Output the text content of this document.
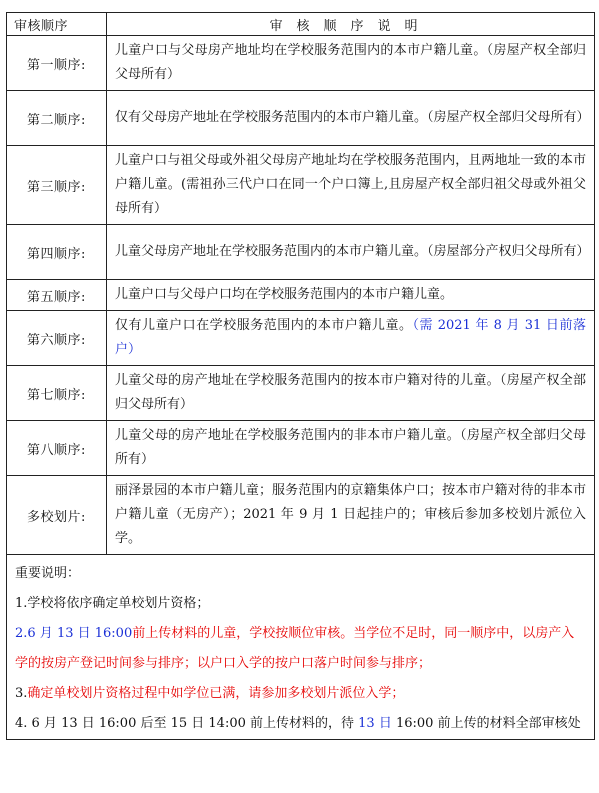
审核顺序	审核顺序说明
第一顺序:	儿童户口与父母房产地址均在学校服务范围内的本市户籍儿童。（房屋产权全部归父母所有）
第二顺序:	仅有父母房产地址在学校服务范围内的本市户籍儿童。（房屋产权全部归父母所有）
第三顺序:	儿童户口与祖父母或外祖父母房产地址均在学校服务范围内，且两地址一致的本市户籍儿童。(需祖孙三代户口在同一个户口簿上,且房屋产权全部归祖父母或外祖父母所有）
第四顺序:	儿童父母房产地址在学校服务范围内的本市户籍儿童。（房屋部分产权归父母所有）
第五顺序:	儿童户口与父母户口均在学校服务范围内的本市户籍儿童。
第六顺序:	仅有儿童户口在学校服务范围内的本市户籍儿童。（需 2021 年 8 月 31 日前落户）
第七顺序:	儿童父母的房产地址在学校服务范围内的按本市户籍对待的儿童。（房屋产权全部归父母所有）
第八顺序:	儿童父母的房产地址在学校服务范围内的非本市户籍儿童。（房屋产权全部归父母所有）
多校划片:	丽泽景园的本市户籍儿童；服务范围内的京籍集体户口；按本市户籍对待的非本市户籍儿童（无房产）；2021 年 9 月 1 日起挂户的；审核后参加多校划片派位入学。

重要说明：

1.学校将依序确定单校划片资格；

2.6 月 13 日 16:00前上传材料的儿童，学校按顺位审核。当学位不足时，同一顺序中，以房产入学的按房产登记时间参与排序；以户口入学的按户口落户时间参与排序；

3.确定单校划片资格过程中如学位已满，请参加多校划片派位入学；

4. 6 月 13 日 16:00 后至 15 日 14:00 前上传材料的，待 13 日 16:00 前上传的材料全部审核处	
